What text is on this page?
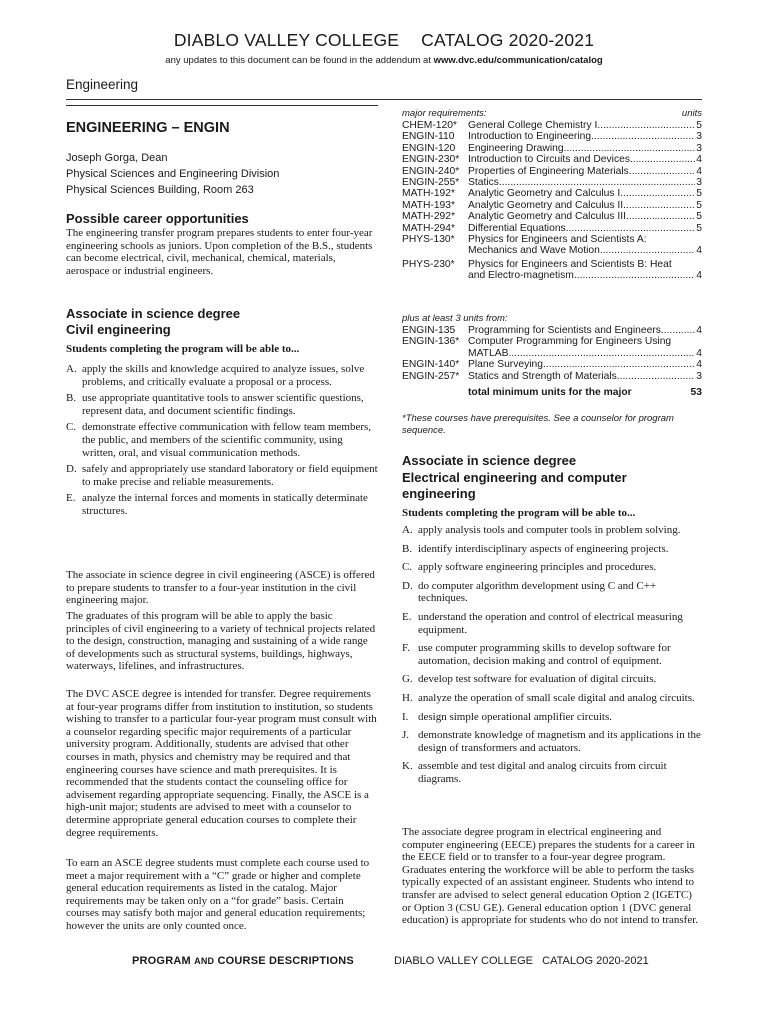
DIABLO VALLEY COLLEGE CATALOG 2020-2021
any updates to this document can be found in the addendum at www.dvc.edu/communication/catalog
Engineering
ENGINEERING – ENGIN
Joseph Gorga, Dean
Physical Sciences and Engineering Division
Physical Sciences Building, Room 263
Possible career opportunities
The engineering transfer program prepares students to enter four-year engineering schools as juniors. Upon completion of the B.S., students can become electrical, civil, mechanical, chemical, materials, aerospace or industrial engineers.
Associate in science degree
Civil engineering
Students completing the program will be able to...
A. apply the skills and knowledge acquired to analyze issues, solve problems, and critically evaluate a proposal or a process.
B. use appropriate quantitative tools to answer scientific questions, represent data, and document scientific findings.
C. demonstrate effective communication with fellow team members, the public, and members of the scientific community, using written, oral, and visual communication methods.
D. safely and appropriately use standard laboratory or field equipment to make precise and reliable measurements.
E. analyze the internal forces and moments in statically determinate structures.
The associate in science degree in civil engineering (ASCE) is offered to prepare students to transfer to a four-year institution in the civil engineering major.
The graduates of this program will be able to apply the basic principles of civil engineering to a variety of technical projects related to the design, construction, managing and sustaining of a wide range of developments such as structural systems, buildings, highways, waterways, lifelines, and infrastructures.
The DVC ASCE degree is intended for transfer. Degree requirements at four-year programs differ from institution to institution, so students wishing to transfer to a particular four-year program must consult with a counselor regarding specific major requirements of a particular university program. Additionally, students are advised that other courses in math, physics and chemistry may be required and that engineering courses have science and math prerequisites. It is recommended that the students contact the counseling office for advisement regarding appropriate sequencing. Finally, the ASCE is a high-unit major; students are advised to meet with a counselor to determine appropriate general education courses to complete their degree requirements.
To earn an ASCE degree students must complete each course used to meet a major requirement with a “C” grade or higher and complete general education requirements as listed in the catalog. Major requirements may be taken only on a “for grade” basis. Certain courses may satisfy both major and general education requirements; however the units are only counted once.
major requirements:	units
CHEM-120*	General College Chemistry I .....	5
ENGIN-110	Introduction to Engineering .....	3
ENGIN-120	Engineering Drawing .....	3
ENGIN-230* Introduction to Circuits and Devices .....	4
ENGIN-240* Properties of Engineering Materials .....	4
ENGIN-255* Statics .....	3
MATH-192*	Analytic Geometry and Calculus I .....	5
MATH-193*	Analytic Geometry and Calculus II .....	5
MATH-292*	Analytic Geometry and Calculus III .....	5
MATH-294*	Differential Equations .....	5
PHYS-130*	Physics for Engineers and Scientists A:
Mechanics and Wave Motion .....	4
PHYS-230*	Physics for Engineers and Scientists B: Heat
and Electro-magnetism .....	4
plus at least 3 units from:
ENGIN-135	Programming for Scientists and Engineers .....	4
ENGIN-136* Computer Programming for Engineers Using
MATLAB .....	4
ENGIN-140* Plane Surveying .....	4
ENGIN-257* Statics and Strength of Materials .....	3
total minimum units for the major	53
*These courses have prerequisites. See a counselor for program sequence.
Associate in science degree
Electrical engineering and computer
engineering
Students completing the program will be able to...
A. apply analysis tools and computer tools in problem solving.
B. identify interdisciplinary aspects of engineering projects.
C. apply software engineering principles and procedures.
D. do computer algorithm development using C and C++ techniques.
E. understand the operation and control of electrical measuring equipment.
F. use computer programming skills to develop software for automation, decision making and control of equipment.
G. develop test software for evaluation of digital circuits.
H. analyze the operation of small scale digital and analog circuits.
I. design simple operational amplifier circuits.
J. demonstrate knowledge of magnetism and its applications in the design of transformers and actuators.
K. assemble and test digital and analog circuits from circuit diagrams.
The associate degree program in electrical engineering and computer engineering (EECE) prepares the students for a career in the EECE field or to transfer to a four-year degree program. Graduates entering the workforce will be able to perform the tasks typically expected of an assistant engineer. Students who intend to transfer are advised to select general education Option 2 (IGETC) or Option 3 (CSU GE). General education option 1 (DVC general education) is appropriate for students who do not intend to transfer.
PROGRAM AND COURSE DESCRIPTIONS	DIABLO VALLEY COLLEGE CATALOG 2020-2021
